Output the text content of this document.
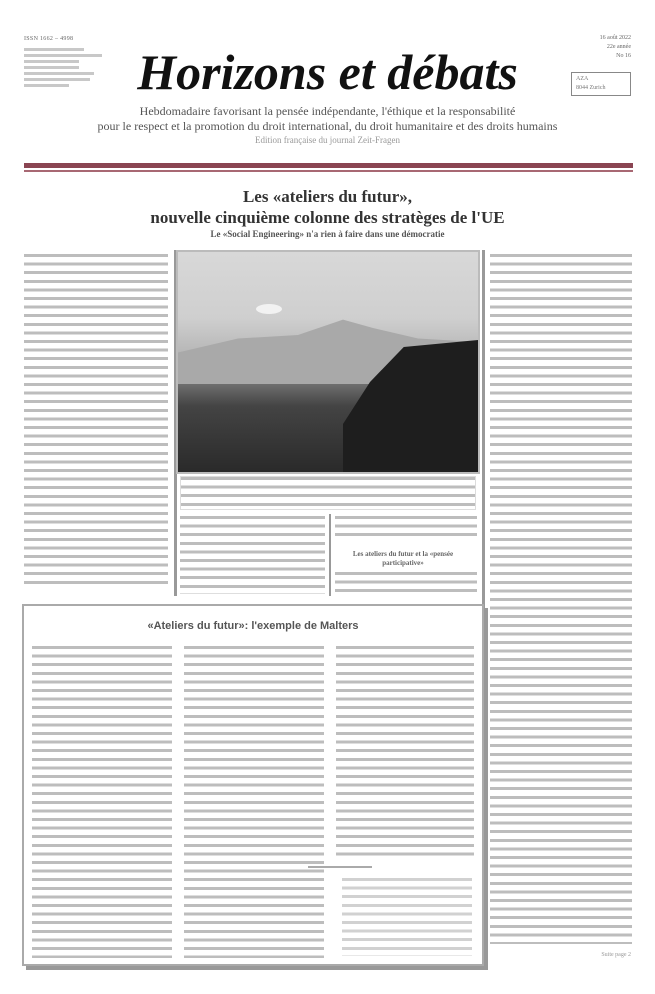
ISSN 1662 – 4998
Horizons et débats
16 août 2022
22e année
No 16
AZA
8044 Zurich
Hebdomadaire favorisant la pensée indépendante, l'éthique et la responsabilité
pour le respect et la promotion du droit international, du droit humanitaire et des droits humains
Edition française du journal Zeit-Fragen
Les «ateliers du futur»,
nouvelle cinquième colonne des stratèges de l'UE
Le «Social Engineering» n'a rien à faire dans une démocratie
Les ateliers du futur et la «pensée participative»
«Ateliers du futur»: l'exemple de Malters
Suite page 2
